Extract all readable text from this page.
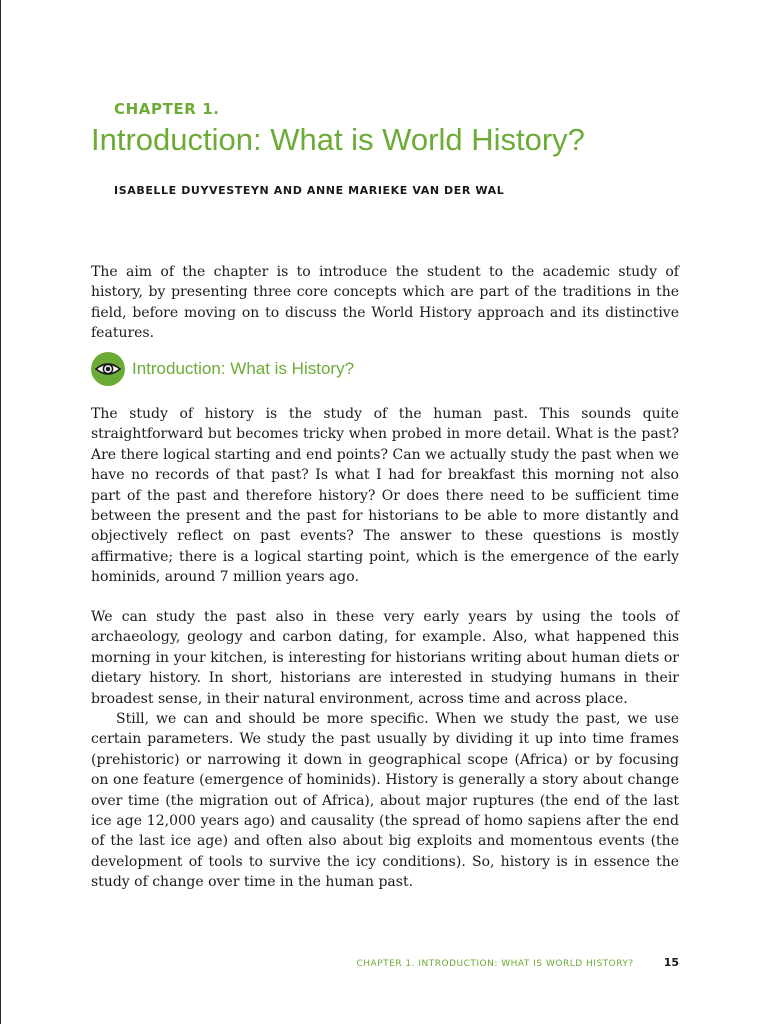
CHAPTER 1.
Introduction: What is World History?
ISABELLE DUYVESTEYN AND ANNE MARIEKE VAN DER WAL

The aim of the chapter is to introduce the student to the academic study of history, by presenting three core concepts which are part of the traditions in the field, before moving on to discuss the World History approach and its distinctive features.

Introduction: What is History?

The study of history is the study of the human past. This sounds quite straightforward but becomes tricky when probed in more detail. What is the past? Are there logical starting and end points? Can we actually study the past when we have no records of that past? Is what I had for breakfast this morning not also part of the past and therefore history? Or does there need to be sufficient time between the present and the past for historians to be able to more distantly and objectively reflect on past events? The answer to these questions is mostly affirmative; there is a logical starting point, which is the emergence of the early hominids, around 7 million years ago.

We can study the past also in these very early years by using the tools of archaeology, geology and carbon dating, for example. Also, what happened this morning in your kitchen, is interesting for historians writing about human diets or dietary history. In short, historians are interested in studying humans in their broadest sense, in their natural environment, across time and across place.

Still, we can and should be more specific. When we study the past, we use certain parameters. We study the past usually by dividing it up into time frames (prehistoric) or narrowing it down in geographical scope (Africa) or by focusing on one feature (emergence of hominids). History is generally a story about change over time (the migration out of Africa), about major ruptures (the end of the last ice age 12,000 years ago) and causality (the spread of homo sapiens after the end of the last ice age) and often also about big exploits and momentous events (the development of tools to survive the icy conditions). So, history is in essence the study of change over time in the human past.

CHAPTER 1. INTRODUCTION: WHAT IS WORLD HISTORY?	15
